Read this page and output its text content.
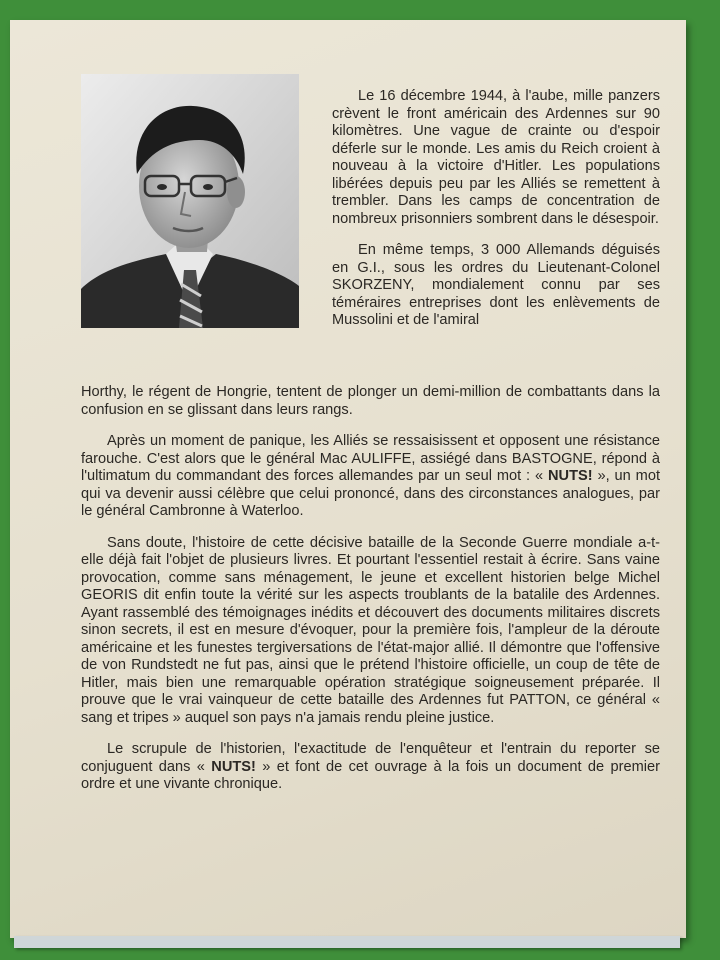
Le 16 décembre 1944, à l'aube, mille panzers crèvent le front américain des Ardennes sur 90 kilomètres. Une vague de crainte ou d'espoir déferle sur le monde. Les amis du Reich croient à nouveau à la victoire d'Hitler. Les populations libérées depuis peu par les Alliés se remettent à trembler. Dans les camps de concentration de nombreux prisonniers sombrent dans le désespoir.

En même temps, 3 000 Allemands déguisés en G.I., sous les ordres du Lieutenant-Colonel SKORZENY, mondialement connu par ses téméraires entreprises dont les enlèvements de Mussolini et de l'amiral

Horthy, le régent de Hongrie, tentent de plonger un demi-million de combattants dans la confusion en se glissant dans leurs rangs.

Après un moment de panique, les Alliés se ressaisissent et opposent une résistance farouche. C'est alors que le général Mac AULIFFE, assiégé dans BASTOGNE, répond à l'ultimatum du commandant des forces allemandes par un seul mot : « NUTS! », un mot qui va devenir aussi célèbre que celui prononcé, dans des circonstances analogues, par le général Cambronne à Waterloo.

Sans doute, l'histoire de cette décisive bataille de la Seconde Guerre mondiale a-t-elle déjà fait l'objet de plusieurs livres. Et pourtant l'essentiel restait à écrire. Sans vaine provocation, comme sans ménagement, le jeune et excellent historien belge Michel GEORIS dit enfin toute la vérité sur les aspects troublants de la batalile des Ardennes. Ayant rassemblé des témoignages inédits et découvert des documents militaires discrets sinon secrets, il est en mesure d'évoquer, pour la première fois, l'ampleur de la déroute américaine et les funestes tergiversations de l'état-major allié. Il démontre que l'offensive de von Rundstedt ne fut pas, ainsi que le prétend l'histoire officielle, un coup de tête de Hitler, mais bien une remarquable opération stratégique soigneusement préparée. Il prouve que le vrai vainqueur de cette bataille des Ardennes fut PATTON, ce général « sang et tripes » auquel son pays n'a jamais rendu pleine justice.

Le scrupule de l'historien, l'exactitude de l'enquêteur et l'entrain du reporter se conjuguent dans « NUTS! » et font de cet ouvrage à la fois un document de premier ordre et une vivante chronique.
